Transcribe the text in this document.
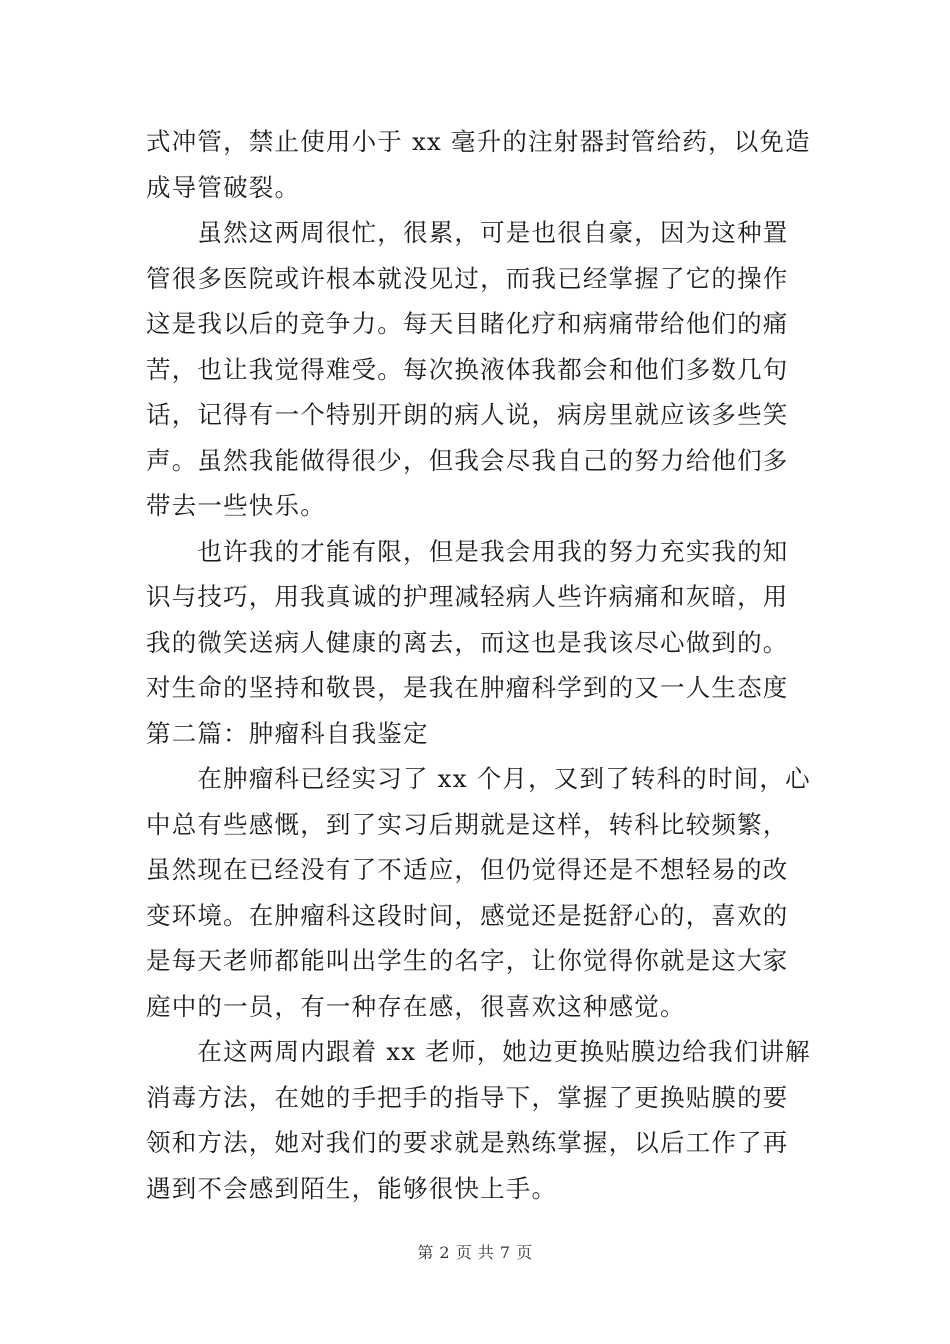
式冲管，禁止使用小于 xx 毫升的注射器封管给药，以免造
成导管破裂。
　　虽然这两周很忙，很累，可是也很自豪，因为这种置
管很多医院或许根本就没见过，而我已经掌握了它的操作
这是我以后的竞争力。每天目睹化疗和病痛带给他们的痛
苦，也让我觉得难受。每次换液体我都会和他们多数几句
话，记得有一个特别开朗的病人说，病房里就应该多些笑
声。虽然我能做得很少，但我会尽我自己的努力给他们多
带去一些快乐。
　　也许我的才能有限，但是我会用我的努力充实我的知
识与技巧，用我真诚的护理减轻病人些许病痛和灰暗，用
我的微笑送病人健康的离去，而这也是我该尽心做到的。
对生命的坚持和敬畏，是我在肿瘤科学到的又一人生态度
第二篇：肿瘤科自我鉴定
　　在肿瘤科已经实习了 xx 个月，又到了转科的时间，心
中总有些感慨，到了实习后期就是这样，转科比较频繁，
虽然现在已经没有了不适应，但仍觉得还是不想轻易的改
变环境。在肿瘤科这段时间，感觉还是挺舒心的，喜欢的
是每天老师都能叫出学生的名字，让你觉得你就是这大家
庭中的一员，有一种存在感，很喜欢这种感觉。
　　在这两周内跟着 xx 老师，她边更换贴膜边给我们讲解
消毒方法，在她的手把手的指导下，掌握了更换贴膜的要
领和方法，她对我们的要求就是熟练掌握，以后工作了再
遇到不会感到陌生，能够很快上手。
第 2 页 共 7 页
